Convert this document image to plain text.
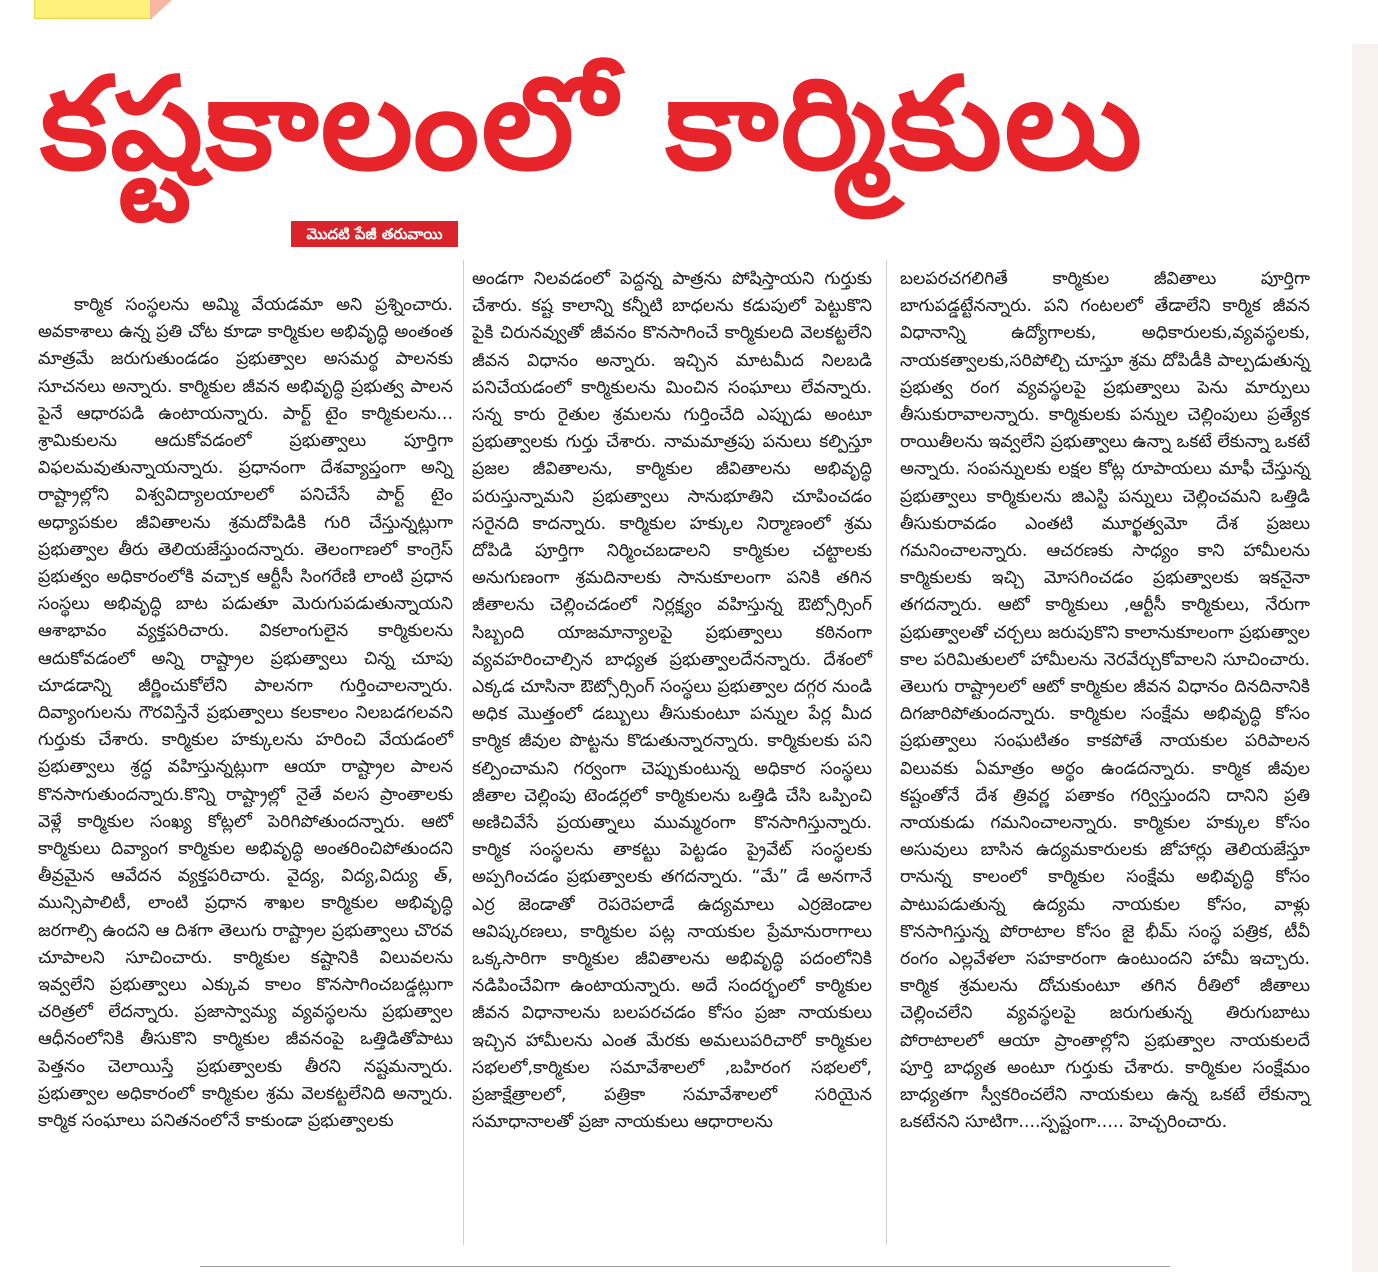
కష్టకాలంలో కార్మికులు
మొదటి పేజీ తరువాయి

కార్మిక సంస్థలను అమ్మి వేయడమా అని ప్రశ్నించారు. అవకాశాలు ఉన్న ప్రతి చోట కూడా కార్మికుల అభివృద్ధి అంతంత మాత్రమే జరుగుతుండడం ప్రభుత్వాల అసమర్థ పాలనకు సూచనలు అన్నారు. కార్మికుల జీవన అభివృద్ధి ప్రభుత్వ పాలన పైనే ఆధారపడి ఉంటాయన్నారు. పార్ట్ టైం కార్మికులను... శ్రామికులను ఆదుకోవడంలో ప్రభుత్వాలు పూర్తిగా విఫలమవుతున్నాయన్నారు. ప్రధానంగా దేశవ్యాప్తంగా అన్ని రాష్ట్రాల్లోని విశ్వవిద్యాలయాలలో పనిచేసే పార్ట్ టైం అధ్యాపకుల జీవితాలను శ్రమదోపిడికి గురి చేస్తున్నట్లుగా ప్రభుత్వాల తీరు తెలియజేస్తుందన్నారు. తెలంగాణలో కాంగ్రెస్ ప్రభుత్వం అధికారంలోకి వచ్చాక ఆర్టీసీ సింగరేణి లాంటి ప్రధాన సంస్థలు అభివృద్ధి బాట పడుతూ మెరుగుపడుతున్నాయని ఆశాభావం వ్యక్తపరిచారు. వికలాంగులైన కార్మికులను ఆదుకోవడంలో అన్ని రాష్ట్రాల ప్రభుత్వాలు చిన్న చూపు చూడడాన్ని జీర్ణించుకోలేని పాలనగా గుర్తించాలన్నారు. దివ్యాంగులను గౌరవిస్తేనే ప్రభుత్వాలు కలకాలం నిలబడగలవని గుర్తుకు చేశారు. కార్మికుల హక్కులను హరించి వేయడంలో ప్రభుత్వాలు శ్రద్ధ వహిస్తున్నట్లుగా ఆయా రాష్ట్రాల పాలన కొనసాగుతుందన్నారు.కొన్ని రాష్ట్రాల్లో నైతే వలస ప్రాంతాలకు వెళ్లే కార్మికుల సంఖ్య కోట్లలో పెరిగిపోతుందన్నారు. ఆటో కార్మికులు దివ్యాంగ కార్మికుల అభివృద్ధి అంతరించిపోతుందని తీవ్రమైన ఆవేదన వ్యక్తపరిచారు. వైద్య, విద్య,విద్యు త్, మున్సిపాలిటీ, లాంటి ప్రధాన శాఖల కార్మికుల అభివృద్ధి జరగాల్సి ఉందని ఆ దిశగా తెలుగు రాష్ట్రాల ప్రభుత్వాలు చొరవ చూపాలని సూచించారు. కార్మికుల కష్టానికి విలువలను ఇవ్వలేని ప్రభుత్వాలు ఎక్కువ కాలం కొనసాగించబడ్డట్లుగా చరిత్రలో లేదన్నారు. ప్రజాస్వామ్య వ్యవస్థలను ప్రభుత్వాల ఆధీనంలోనికి తీసుకొని కార్మికుల జీవనంపై ఒత్తిడితోపాటు పెత్తనం చెలాయిస్తే ప్రభుత్వాలకు తీరని నష్టమన్నారు. ప్రభుత్వాల అధికారంలో కార్మికుల శ్రమ వెలకట్టలేనిది అన్నారు. కార్మిక సంఘాలు పనితనంలోనే కాకుండా ప్రభుత్వాలకు

అండగా నిలవడంలో పెద్దన్న పాత్రను పోషిస్తాయని గుర్తుకు చేశారు. కష్ట కాలాన్ని కన్నీటి బాధలను కడుపులో పెట్టుకొని పైకి చిరునవ్వుతో జీవనం కొనసాగించే కార్మికులది వెలకట్టలేని జీవన విధానం అన్నారు. ఇచ్చిన మాటమీద నిలబడి పనిచేయడంలో కార్మికులను మించిన సంఘాలు లేవన్నారు. సన్న కారు రైతుల శ్రమలను గుర్తించేది ఎప్పుడు అంటూ ప్రభుత్వాలకు గుర్తు చేశారు. నామమాత్రపు పనులు కల్పిస్తూ ప్రజల జీవితాలను, కార్మికుల జీవితాలను అభివృద్ధి పరుస్తున్నామని ప్రభుత్వాలు సానుభూతిని చూపించడం సరైనది కాదన్నారు. కార్మికుల హక్కుల నిర్మాణంలో శ్రమ దోపిడి పూర్తిగా నిర్మించబడాలని కార్మికుల చట్టాలకు అనుగుణంగా శ్రమదినాలకు సానుకూలంగా పనికి తగిన జీతాలను చెల్లించడంలో నిర్లక్ష్యం వహిస్తున్న ఔట్సోర్సింగ్ సిబ్బంది యాజమాన్యాలపై ప్రభుత్వాలు కఠినంగా వ్యవహరించాల్సిన బాధ్యత ప్రభుత్వాలదేనన్నారు. దేశంలో ఎక్కడ చూసినా ఔట్సోర్సింగ్ సంస్థలు ప్రభుత్వాల దగ్గర నుండి అధిక మొత్తంలో డబ్బులు తీసుకుంటూ పన్నుల పేర్ల మీద కార్మిక జీవుల పొట్టను కొడుతున్నారన్నారు. కార్మికులకు పని కల్పించామని గర్వంగా చెప్పుకుంటున్న అధికార సంస్థలు జీతాల చెల్లింపు టెండర్లలో కార్మికులను ఒత్తిడి చేసి ఒప్పించి అణిచివేసే ప్రయత్నాలు ముమ్మరంగా కొనసాగిస్తున్నారు. కార్మిక సంస్థలను తాకట్టు పెట్టడం ప్రైవేట్ సంస్థలకు అప్పగించడం ప్రభుత్వాలకు తగదన్నారు. “మే” డే అనగానే ఎర్ర జెండాతో రెపరెపలాడే ఉద్యమాలు ఎర్రజెండాల ఆవిష్కరణలు, కార్మికుల పట్ల నాయకుల ప్రేమానురాగాలు ఒక్కసారిగా కార్మికుల జీవితాలను అభివృద్ధి పదంలోనికి నడిపించేవిగా ఉంటాయన్నారు. అదే సందర్భంలో కార్మికుల జీవన విధానాలను బలపరచడం కోసం ప్రజా నాయకులు ఇచ్చిన హామీలను ఎంత మేరకు అమలుపరిచారో కార్మికుల సభలలో,కార్మికుల సమావేశాలలో ,బహిరంగ సభలలో, ప్రజాక్షేత్రాలలో, పత్రికా సమావేశాలలో సరియైన సమాధానాలతో ప్రజా నాయకులు ఆధారాలను

బలపరచగలిగితే కార్మికుల జీవితాలు పూర్తిగా బాగుపడ్డట్టేనన్నారు. పని గంటలలో తేడాలేని కార్మిక జీవన విధానాన్ని ఉద్యోగాలకు, అధికారులకు,వ్యవస్థలకు, నాయకత్వాలకు,సరిపోల్చి చూస్తూ శ్రమ దోపిడీకి పాల్పడుతున్న ప్రభుత్వ రంగ వ్యవస్థలపై ప్రభుత్వాలు పెను మార్పులు తీసుకురావాలన్నారు. కార్మికులకు పన్నుల చెల్లింపులు ప్రత్యేక రాయితీలను ఇవ్వలేని ప్రభుత్వాలు ఉన్నా ఒకటే లేకున్నా ఒకటే అన్నారు. సంపన్నులకు లక్షల కోట్ల రూపాయలు మాఫీ చేస్తున్న ప్రభుత్వాలు కార్మికులను జిఎస్టి పన్నులు చెల్లించమని ఒత్తిడి తీసుకురావడం ఎంతటి మూర్ఖత్వమో దేశ ప్రజలు గమనించాలన్నారు. ఆచరణకు సాధ్యం కాని హామీలను కార్మికులకు ఇచ్చి మోసగించడం ప్రభుత్వాలకు ఇకనైనా తగదన్నారు. ఆటో కార్మికులు ,ఆర్టీసీ కార్మికులు, నేరుగా ప్రభుత్వాలతో చర్చలు జరుపుకొని కాలానుకూలంగా ప్రభుత్వాల కాల పరిమితులలో హామీలను నెరవేర్చుకోవాలని సూచించారు. తెలుగు రాష్ట్రాలలో ఆటో కార్మికుల జీవన విధానం దినదినానికి దిగజారిపోతుందన్నారు. కార్మికుల సంక్షేమ అభివృద్ధి కోసం ప్రభుత్వాలు సంఘటితం కాకపోతే నాయకుల పరిపాలన విలువకు ఏమాత్రం అర్థం ఉండదన్నారు. కార్మిక జీవుల కష్టంతోనే దేశ త్రివర్ణ పతాకం గర్విస్తుందని దానిని ప్రతి నాయకుడు గమనించాలన్నారు. కార్మికుల హక్కుల కోసం అసువులు బాసిన ఉద్యమకారులకు జోహార్లు తెలియజేస్తూ రానున్న కాలంలో కార్మికుల సంక్షేమ అభివృద్ధి కోసం పాటుపడుతున్న ఉద్యమ నాయకుల కోసం, వాళ్లు కొనసాగిస్తున్న పోరాటాల కోసం జై భీమ్ సంస్థ పత్రిక, టీవీ రంగం ఎల్లవేళలా సహకారంగా ఉంటుందని హామీ ఇచ్చారు. కార్మిక శ్రమలను దోచుకుంటూ తగిన రీతిలో జీతాలు చెల్లించలేని వ్యవస్థలపై జరుగుతున్న తిరుగుబాటు పోరాటాలలో ఆయా ప్రాంతాల్లోని ప్రభుత్వాల నాయకులదే పూర్తి బాధ్యత అంటూ గుర్తుకు చేశారు. కార్మికుల సంక్షేమం బాధ్యతగా స్వీకరించలేని నాయకులు ఉన్న ఒకటే లేకున్నా ఒకటేనని సూటిగా....స్పష్టంగా..... హెచ్చరించారు.
